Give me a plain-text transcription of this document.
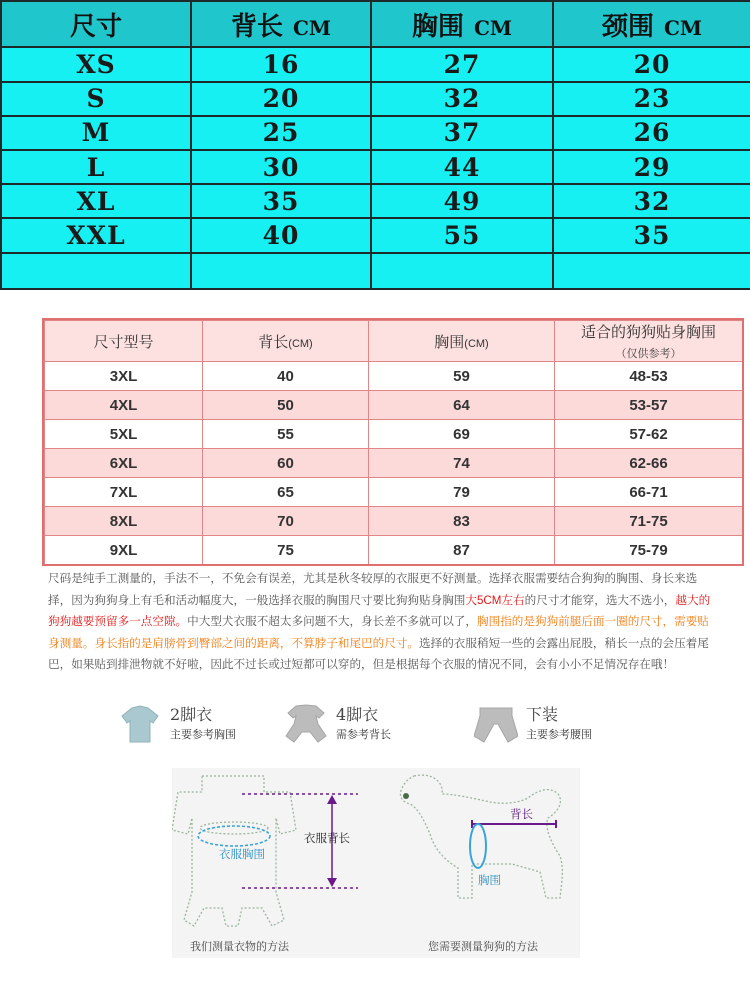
尺寸	背长 CM	胸围 CM	颈围 CM
XS	16	27	20
S	20	32	23
M	25	37	26
L	30	44	29
XL	35	49	32
XXL	40	55	35

尺寸型号	背长(CM)	胸围(CM)	适合的狗狗贴身胸围
（仅供参考）

3XL	40	59	48-53
4XL	50	64	53-57
5XL	55	69	57-62
6XL	60	74	62-66
7XL	65	79	66-71
8XL	70	83	71-75
9XL	75	87	75-79
尺码是纯手工测量的，手法不一，不免会有误差，尤其是秋冬较厚的衣服更不好测量。选择衣服需要结合狗狗的胸围、身长来选择，因为狗狗身上有毛和活动幅度大，一般选择衣服的胸围尺寸要比狗狗贴身胸围大5CM左右的尺寸才能穿，选大不选小，越大的狗狗越要预留多一点空隙。中大型犬衣服不超太多问题不大，身长差不多就可以了，胸围指的是狗狗前腿后面一圈的尺寸，需要贴身测量。身长指的是肩膀骨到臀部之间的距离，不算脖子和尾巴的尺寸。选择的衣服稍短一些的会露出屁股，稍长一点的会压着尾巴，如果贴到排泄物就不好啦，因此不过长或过短都可以穿的，但是根据每个衣服的情况不同，会有小小不足情况存在哦！
2脚衣
主要参考胸围
4脚衣
需参考背长
下装
主要参考腰围
衣服胸围
衣服背长
我们测量衣物的方法
背长
胸围
您需要测量狗狗的方法
